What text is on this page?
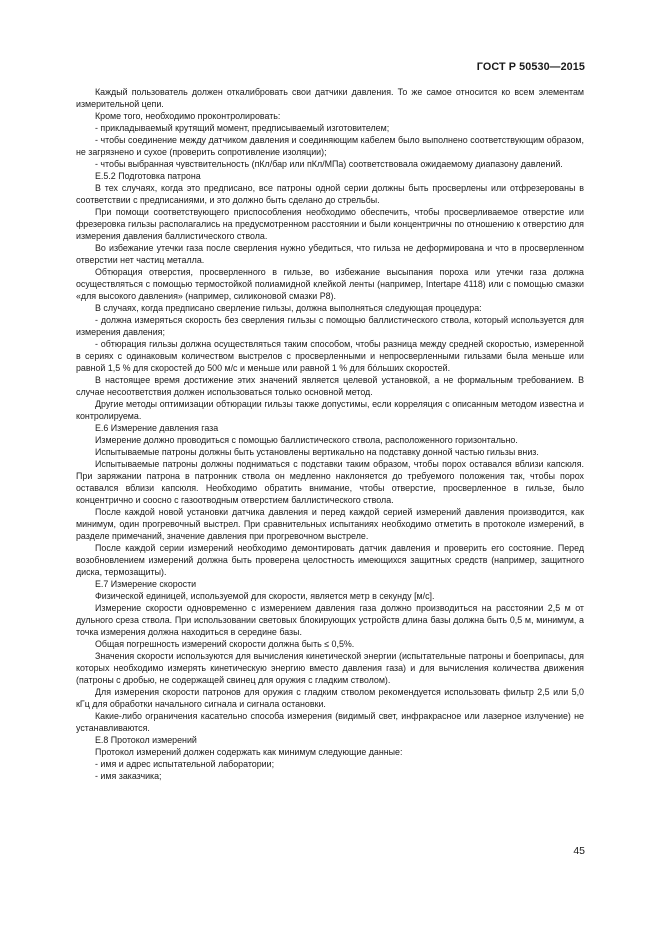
ГОСТ Р 50530—2015

Каждый пользователь должен откалибровать свои датчики давления. То же самое относится ко всем элементам измерительной цепи.

Кроме того, необходимо проконтролировать:

- прикладываемый крутящий момент, предписываемый изготовителем;

- чтобы соединение между датчиком давления и соединяющим кабелем было выполнено соответствующим образом, не загрязнено и сухое (проверить сопротивление изоляции);

- чтобы выбранная чувствительность (пКл/бар или пКл/МПа) соответствовала ожидаемому диапазону давлений.

Е.5.2 Подготовка патрона

В тех случаях, когда это предписано, все патроны одной серии должны быть просверлены или отфрезерованы в соответствии с предписаниями, и это должно быть сделано до стрельбы.

При помощи соответствующего приспособления необходимо обеспечить, чтобы просверливаемое отверстие или фрезеровка гильзы располагались на предусмотренном расстоянии и были концентричны по отношению к отверстию для измерения давления баллистического ствола.

Во избежание утечки газа после сверления нужно убедиться, что гильза не деформирована и что в просверленном отверстии нет частиц металла.

Обтюрация отверстия, просверленного в гильзе, во избежание высыпания пороха или утечки газа должна осуществляться с помощью термостойкой полиамидной клейкой ленты (например, Intertape 4118) или с помощью смазки «для высокого давления» (например, силиконовой смазки Р8).

В случаях, когда предписано сверление гильзы, должна выполняться следующая процедура:

- должна измеряться скорость без сверления гильзы с помощью баллистического ствола, который используется для измерения давления;

- обтюрация гильзы должна осуществляться таким способом, чтобы разница между средней скоростью, измеренной в сериях с одинаковым количеством выстрелов с просверленными и непросверленными гильзами была меньше или равной 1,5 % для скоростей до 500 м/с и меньше или равной 1 % для бо́льших скоростей.

В настоящее время достижение этих значений является целевой установкой, а не формальным требованием. В случае несоответствия должен использоваться только основной метод.

Другие методы оптимизации обтюрации гильзы также допустимы, если корреляция с описанным методом известна и контролируема.

Е.6 Измерение давления газа

Измерение должно проводиться с помощью баллистического ствола, расположенного горизонтально.

Испытываемые патроны должны быть установлены вертикально на подставку донной частью гильзы вниз.

Испытываемые патроны должны подниматься с подставки таким образом, чтобы порох оставался вблизи капсюля. При заряжании патрона в патронник ствола он медленно наклоняется до требуемого положения так, чтобы порох оставался вблизи капсюля. Необходимо обратить внимание, чтобы отверстие, просверленное в гильзе, было концентрично и соосно с газоотводным отверстием баллистического ствола.

После каждой новой установки датчика давления и перед каждой серией измерений давления производится, как минимум, один прогревочный выстрел. При сравнительных испытаниях необходимо отметить в протоколе измерений, в разделе примечаний, значение давления при прогревочном выстреле.

После каждой серии измерений необходимо демонтировать датчик давления и проверить его состояние. Перед возобновлением измерений должна быть проверена целостность имеющихся защитных средств (например, защитного диска, термозащиты).

Е.7 Измерение скорости

Физической единицей, используемой для скорости, является метр в секунду [м/с].

Измерение скорости одновременно с измерением давления газа должно производиться на расстоянии 2,5 м от дульного среза ствола. При использовании световых блокирующих устройств длина базы должна быть 0,5 м, минимум, а точка измерения должна находиться в середине базы.

Общая погрешность измерений скорости должна быть ≤ 0,5%.

Значения скорости используются для вычисления кинетической энергии (испытательные патроны и боеприпасы, для которых необходимо измерять кинетическую энергию вместо давления газа) и для вычисления количества движения (патроны с дробью, не содержащей свинец для оружия с гладким стволом).

Для измерения скорости патронов для оружия с гладким стволом рекомендуется использовать фильтр 2,5 или 5,0 кГц для обработки начального сигнала и сигнала остановки.

Какие-либо ограничения касательно способа измерения (видимый свет, инфракрасное или лазерное излучение) не устанавливаются.

Е.8 Протокол измерений

Протокол измерений должен содержать как минимум следующие данные:

- имя и адрес испытательной лаборатории;

- имя заказчика;

45
